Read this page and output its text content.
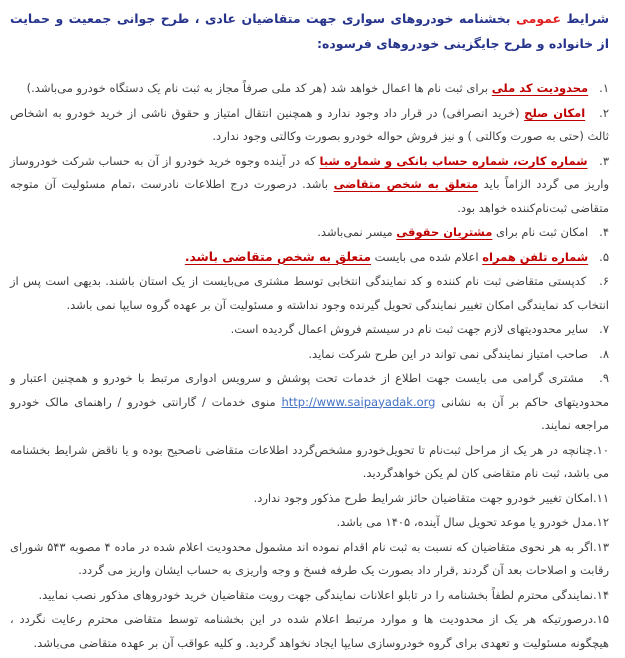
شرایط عمومی بخشنامه خودروهای سواری جهت متقاضیان عادی ، طرح جوانی جمعیت و حمایت از خانواده و طرح جایگزینی خودروهای فرسوده:

۱.محدودیت کد ملی برای ثبت نام ها اعمال خواهد شد (هر کد ملی صرفاً مجاز به ثبت نام یک دستگاه خودرو می‌باشد.)
۲.امکان صلح (خرید انصرافی) در قرار داد وجود ندارد و همچنین انتقال امتیاز و حقوق ناشی از خرید خودرو به اشخاص ثالث (حتی به صورت وکالتی ) و نیز فروش حواله خودرو بصورت وکالتی وجود ندارد.
۳.شماره کارت، شماره حساب بانکی و شماره شبا که در آینده وجوه خرید خودرو از آن به حساب شرکت خودروساز واریز می گردد الزاماً باید متعلق به شخص متقاضی باشد. درصورت درج اطلاعات نادرست ،تمام مسئولیت آن متوجه متقاضی ثبت‌نام‌کننده خواهد بود.
۴.امکان ثبت نام برای مشتریان حقوقی میسر نمی‌باشد.
۵.شماره تلفن همراه اعلام شده می بایست متعلق به شخص متقاضی باشد.
۶.کدپستی متقاضی ثبت نام کننده و کد نمایندگی انتخابی توسط مشتری می‌بایست از یک استان باشند. بدیهی است پس از انتخاب کد نمایندگی امکان تغییر نمایندگی تحویل گیرنده وجود نداشته و مسئولیت آن بر عهده گروه سایپا نمی باشد.
۷.سایر محدودیتهای لازم جهت ثبت نام در سیستم فروش اعمال گردیده است.
۸.صاحب امتیاز نمایندگی نمی تواند در این طرح شرکت نماید.
۹.مشتری گرامی می بایست جهت اطلاع از خدمات تحت پوشش و سرویس ادواری مرتبط با خودرو و همچنین اعتبار و محدودیتهای حاکم بر آن به نشانی http://www.saipayadak.org منوی خدمات / گارانتی خودرو / راهنمای مالک خودرو مراجعه نمایند.
۱۰.چنانچه در هر یک از مراحل ثبت‌نام تا تحویل‌خودرو مشخص‌گردد اطلاعات متقاضی ناصحیح بوده و یا ناقض شرایط بخشنامه می باشد، ثبت نام متقاضی کان لم یکن خواهدگردید.
۱۱.امکان تغییر خودرو جهت متقاضیان حائز شرایط طرح مذکور وجود ندارد.
۱۲.مدل خودرو یا موعد تحویل سال آینده، ۱۴۰۵ می باشد.
۱۳.اگر به هر نحوی متقاضیان که نسبت به ثبت نام اقدام نموده اند مشمول محدودیت اعلام شده در ماده ۴ مصوبه ۵۴۳ شورای رقابت و اصلاحات بعد آن گردند ,قرار داد بصورت یک طرفه فسخ و وجه واریزی به حساب ایشان واریز می گردد.
۱۴.نمایندگی محترم لطفاً بخشنامه را در تابلو اعلانات نمایندگی جهت رویت متقاضیان خرید خودروهای مذکور نصب نمایید.
۱۵.درصورتیکه هر یک از محدودیت ها و موارد مرتبط اعلام شده در این بخشنامه توسط متقاضی محترم رعایت نگردد ، هیچگونه مسئولیت و تعهدی برای گروه خودروسازی سایپا ایجاد نخواهد گردید. و کلیه عواقب آن بر عهده متقاضی می‌باشد.
